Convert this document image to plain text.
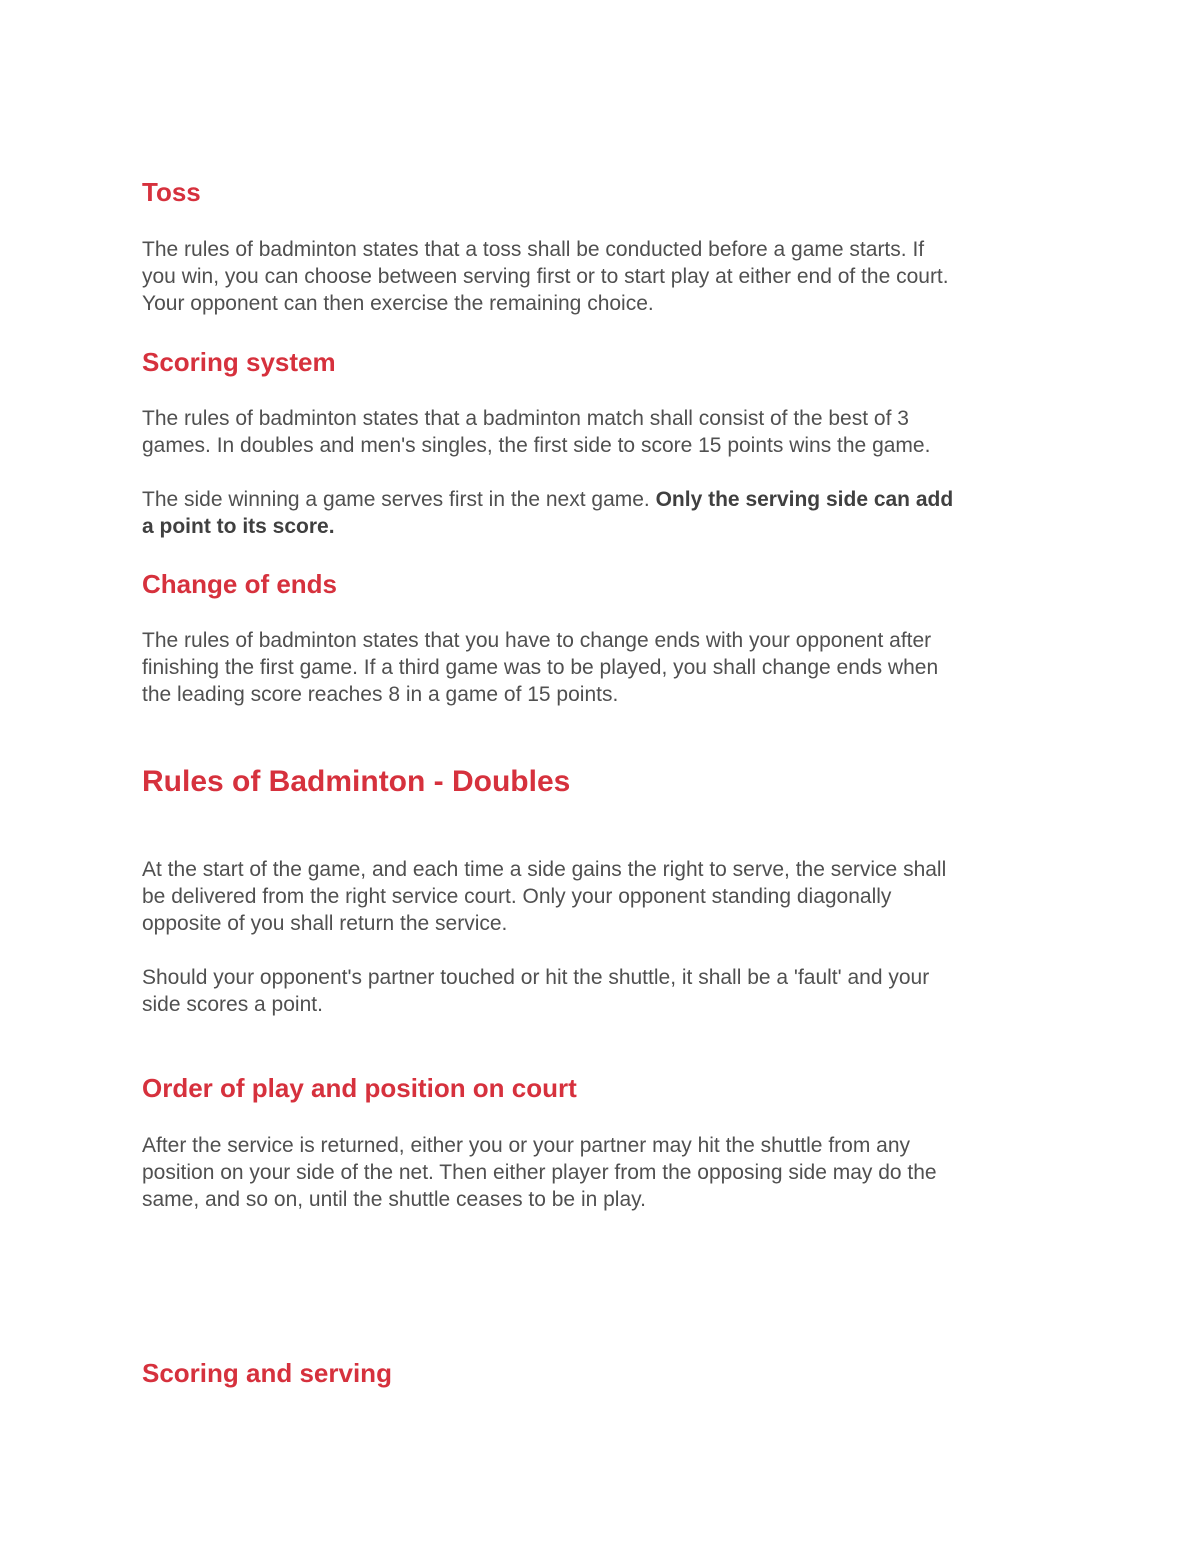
Toss

The rules of badminton states that a toss shall be conducted before a game starts. If
you win, you can choose between serving first or to start play at either end of the court.
Your opponent can then exercise the remaining choice.

Scoring system

The rules of badminton states that a badminton match shall consist of the best of 3
games. In doubles and men's singles, the first side to score 15 points wins the game.

The side winning a game serves first in the next game. Only the serving side can add
a point to its score.

Change of ends

The rules of badminton states that you have to change ends with your opponent after
finishing the first game. If a third game was to be played, you shall change ends when
the leading score reaches 8 in a game of 15 points.

Rules of Badminton - Doubles

At the start of the game, and each time a side gains the right to serve, the service shall
be delivered from the right service court. Only your opponent standing diagonally
opposite of you shall return the service.

Should your opponent's partner touched or hit the shuttle, it shall be a 'fault' and your
side scores a point.

Order of play and position on court

After the service is returned, either you or your partner may hit the shuttle from any
position on your side of the net. Then either player from the opposing side may do the
same, and so on, until the shuttle ceases to be in play.

Scoring and serving
